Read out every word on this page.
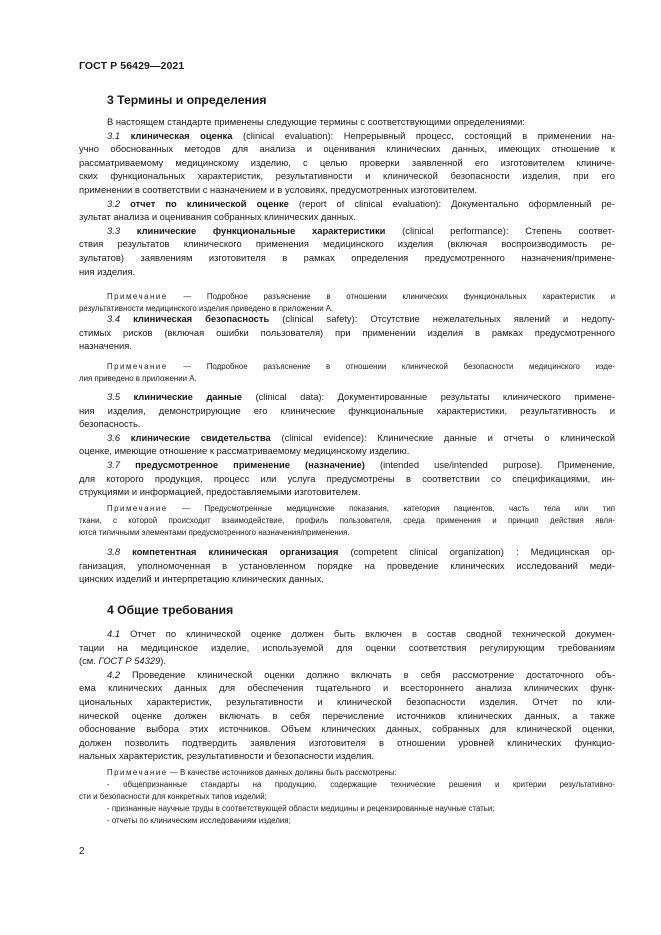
ГОСТ Р 56429—2021
3 Термины и определения
В настоящем стандарте применены следующие термины с соответствующими определениями:
3.1 клиническая оценка (clinical evaluation): Непрерывный процесс, состоящий в применении на-
учно обоснованных методов для анализа и оценивания клинических данных, имеющих отношение к
рассматриваемому медицинскому изделию, с целью проверки заявленной его изготовителем клиниче-
ских функциональных характеристик, результативности и клинической безопасности изделия, при его
применении в соответствии с назначением и в условиях, предусмотренных изготовителем.
3.2 отчет по клинической оценке (report of clinical evaluation): Документально оформленный ре-
зультат анализа и оценивания собранных клинических данных.
3.3 клинические функциональные характеристики (clinical performance): Степень соответ-
ствия результатов клинического применения медицинского изделия (включая воспроизводимость ре-
зультатов) заявлениям изготовителя в рамках определения предусмотренного назначения/примене-
ния изделия.
Примечание — Подробное разъяснение в отношении клинических функциональных характеристик и
результативности медицинского изделия приведено в приложении А.
3.4 клиническая безопасность (clinical safety): Отсутствие нежелательных явлений и недопу-
стимых рисков (включая ошибки пользователя) при применении изделия в рамках предусмотренного
назначения.
Примечание — Подробное разъяснение в отношении клинической безопасности медицинского изде-
лия приведено в приложении А.
3.5 клинические данные (clinical data): Документированные результаты клинического примене-
ния изделия, демонстрирующие его клинические функциональные характеристики, результативность и
безопасность.
3.6 клинические свидетельства (clinical evidence): Клинические данные и отчеты о клинической
оценке, имеющие отношение к рассматриваемому медицинскому изделию.
3.7 предусмотренное применение (назначение) (intended use/intended purpose). Применение,
для которого продукция, процесс или услуга предусмотрены в соответствии со спецификациями, ин-
струкциями и информацией, предоставляемыми изготовителем.
Примечание — Предусмотренные медицинские показания, категория пациентов, часть тела или тип
ткани, с которой происходит взаимодействие, профиль пользователя, среда применения и принцип действия явля-
ются типичными элементами предусмотренного назначения/применения.
3.8 компетентная клиническая организация (competent clinical organization) : Медицинская ор-
ганизация, уполномоченная в установленном порядке на проведение клинических исследований меди-
цинских изделий и интерпретацию клинических данных.
4 Общие требования
4.1 Отчет по клинической оценке должен быть включен в состав сводной технической докумен-
тации на медицинское изделие, используемой для оценки соответствия регулирующим требованиям
(см. ГОСТ Р 54329).
4.2 Проведение клинической оценки должно включать в себя рассмотрение достаточного объ-
ема клинических данных для обеспечения тщательного и всестороннего анализа клинических функ-
циональных характеристик, результативности и клинической безопасности изделия. Отчет по кли-
нической оценке должен включать в себя перечисление источников клинических данных, а также
обоснование выбора этих источников. Объем клинических данных, собранных для клинической оценки,
должен позволить подтвердить заявления изготовителя в отношении уровней клинических функцио-
нальных характеристик, результативности и безопасности изделия.
Примечание — В качестве источников данных должны быть рассмотрены:
- общепризнанные стандарты на продукцию, содержащие технические решения и критерии результативно-
сти и безопасности для конкретных типов изделий;
- признанные научные труды в соответствующей области медицины и рецензированные научные статьи;
- отчеты по клиническим исследованиям изделия;
2
